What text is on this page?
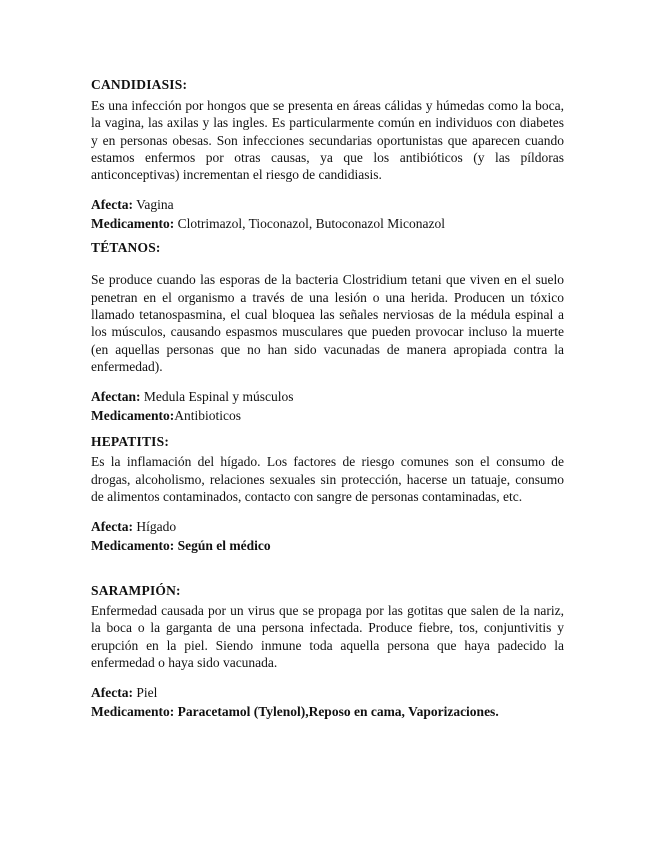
CANDIDIASIS:

Es una infección por hongos que se presenta en áreas cálidas y húmedas como la boca, la vagina, las axilas y las ingles. Es particularmente común en individuos con diabetes y en personas obesas. Son infecciones secundarias oportunistas que aparecen cuando estamos enfermos por otras causas, ya que los antibióticos (y las píldoras anticonceptivas) incrementan el riesgo de candidiasis.

Afecta: Vagina

Medicamento: Clotrimazol, Tioconazol, Butoconazol Miconazol

TÉTANOS:

Se produce cuando las esporas de la bacteria Clostridium tetani que viven en el suelo penetran en el organismo a través de una lesión o una herida. Producen un tóxico llamado tetanospasmina, el cual bloquea las señales nerviosas de la médula espinal a los músculos, causando espasmos musculares que pueden provocar incluso la muerte (en aquellas personas que no han sido vacunadas de manera apropiada contra la enfermedad).

Afectan: Medula Espinal y músculos

Medicamento:Antibioticos

HEPATITIS:

Es la inflamación del hígado. Los factores de riesgo comunes son el consumo de drogas, alcoholismo, relaciones sexuales sin protección, hacerse un tatuaje, consumo de alimentos contaminados, contacto con sangre de personas contaminadas, etc.

Afecta: Hígado

Medicamento: Según el médico

SARAMPIÓN:

Enfermedad causada por un virus que se propaga por las gotitas que salen de la nariz, la boca o la garganta de una persona infectada. Produce fiebre, tos, conjuntivitis y erupción en la piel. Siendo inmune toda aquella persona que haya padecido la enfermedad o haya sido vacunada.

Afecta: Piel

Medicamento: Paracetamol (Tylenol),Reposo en cama, Vaporizaciones.
